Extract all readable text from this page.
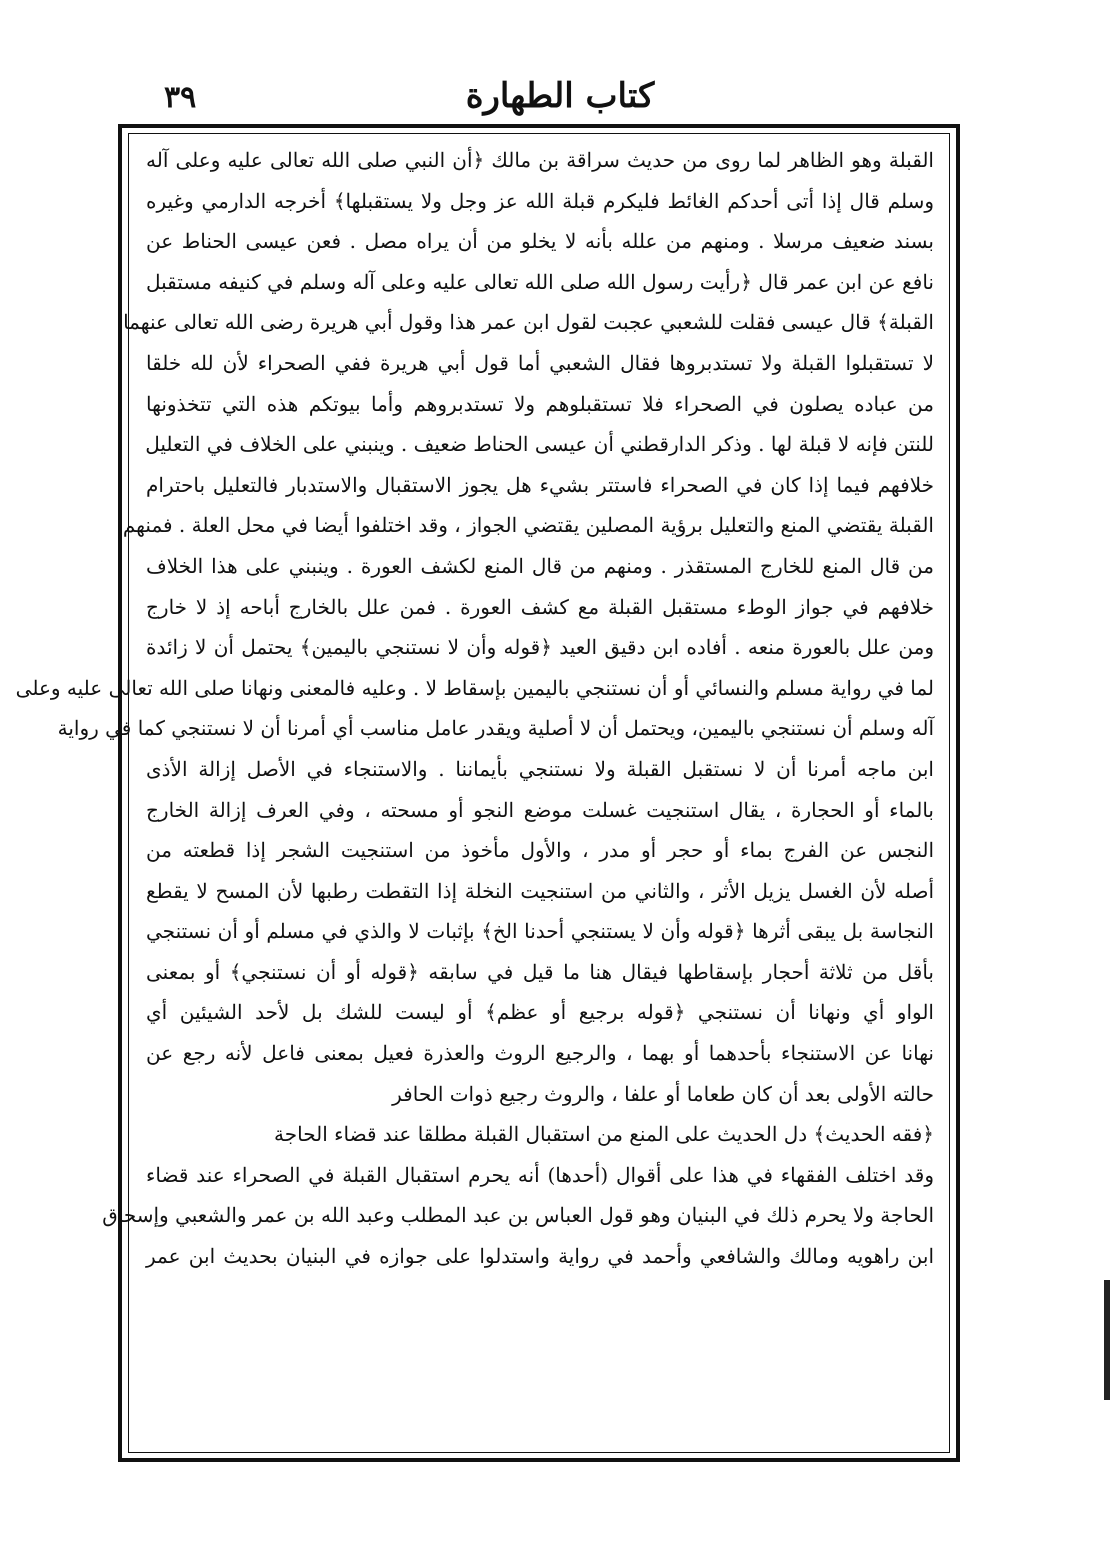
٣٩	كتاب الطهارة
القبلة وهو الظاهر لما روى من حديث سراقة بن مالك ﴿أن النبي صلى الله تعالى عليه وعلى آله
وسلم قال إذا أتى أحدكم الغائط فليكرم قبلة الله عز وجل ولا يستقبلها﴾ أخرجه الدارمي وغيره
بسند ضعيف مرسلا . ومنهم من علله بأنه لا يخلو من أن يراه مصل . فعن عيسى الحناط عن
نافع عن ابن عمر قال ﴿رأيت رسول الله صلى الله تعالى عليه وعلى آله وسلم في كنيفه مستقبل
القبلة﴾ قال عيسى فقلت للشعبي عجبت لقول ابن عمر هذا وقول أبي هريرة رضى الله تعالى عنهما
لا تستقبلوا القبلة ولا تستدبروها فقال الشعبي أما قول أبي هريرة ففي الصحراء لأن لله خلقا
من عباده يصلون في الصحراء فلا تستقبلوهم ولا تستدبروهم وأما بيوتكم هذه التي تتخذونها
للنتن فإنه لا قبلة لها . وذكر الدارقطني أن عيسى الحناط ضعيف . وينبني على الخلاف في التعليل
خلافهم فيما إذا كان في الصحراء فاستتر بشيء هل يجوز الاستقبال والاستدبار فالتعليل باحترام
القبلة يقتضي المنع والتعليل برؤية المصلين يقتضي الجواز ، وقد اختلفوا أيضا في محل العلة . فمنهم
من قال المنع للخارج المستقذر . ومنهم من قال المنع لكشف العورة . وينبني على هذا الخلاف
خلافهم في جواز الوطء مستقبل القبلة مع كشف العورة . فمن علل بالخارج أباحه إذ لا خارج
ومن علل بالعورة منعه . أفاده ابن دقيق العيد ﴿قوله وأن لا نستنجي باليمين﴾ يحتمل أن لا زائدة
لما في رواية مسلم والنسائي أو أن نستنجي باليمين بإسقاط لا . وعليه فالمعنى ونهانا صلى الله تعالى عليه وعلى
آله وسلم أن نستنجي باليمين، ويحتمل أن لا أصلية ويقدر عامل مناسب أي أمرنا أن لا نستنجي كما في رواية
ابن ماجه أمرنا أن لا نستقبل القبلة ولا نستنجي بأيماننا . والاستنجاء في الأصل إزالة الأذى
بالماء أو الحجارة ، يقال استنجيت غسلت موضع النجو أو مسحته ، وفي العرف إزالة الخارج
النجس عن الفرج بماء أو حجر أو مدر ، والأول مأخوذ من استنجيت الشجر إذا قطعته من
أصله لأن الغسل يزيل الأثر ، والثاني من استنجيت النخلة إذا التقطت رطبها لأن المسح لا يقطع
النجاسة بل يبقى أثرها ﴿قوله وأن لا يستنجي أحدنا الخ﴾ بإثبات لا والذي في مسلم أو أن نستنجي
بأقل من ثلاثة أحجار بإسقاطها فيقال هنا ما قيل في سابقه ﴿قوله أو أن نستنجي﴾ أو بمعنى
الواو أي ونهانا أن نستنجي ﴿قوله برجيع أو عظم﴾ أو ليست للشك بل لأحد الشيئين أي
نهانا عن الاستنجاء بأحدهما أو بهما ، والرجيع الروث والعذرة فعيل بمعنى فاعل لأنه رجع عن
حالته الأولى بعد أن كان طعاما أو علفا ، والروث رجيع ذوات الحافر
﴿فقه الحديث﴾ دل الحديث على المنع من استقبال القبلة مطلقا عند قضاء الحاجة
وقد اختلف الفقهاء في هذا على أقوال (أحدها) أنه يحرم استقبال القبلة في الصحراء عند قضاء
الحاجة ولا يحرم ذلك في البنيان وهو قول العباس بن عبد المطلب وعبد الله بن عمر والشعبي وإسحاق
ابن راهويه ومالك والشافعي وأحمد في رواية واستدلوا على جوازه في البنيان بحديث ابن عمر
